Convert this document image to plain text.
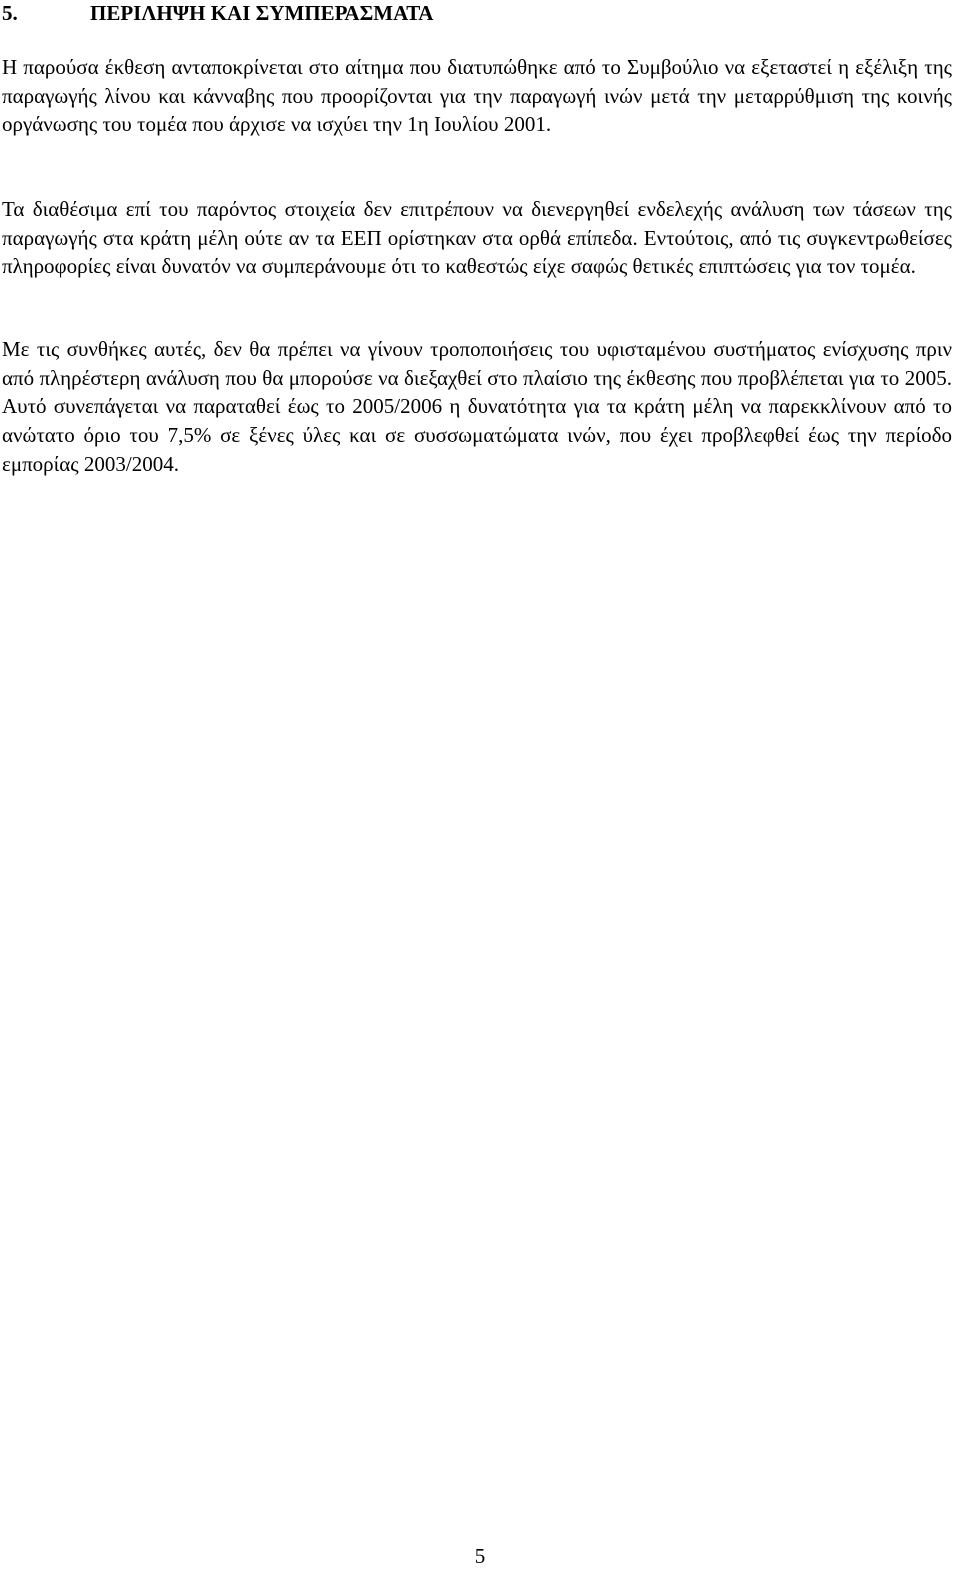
5.	ΠΕΡΙΛΗΨΗ ΚΑΙ ΣΥΜΠΕΡΑΣΜΑΤΑ

Η παρούσα έκθεση ανταποκρίνεται στο αίτημα που διατυπώθηκε από το Συμβούλιο να εξεταστεί η εξέλιξη της παραγωγής λίνου και κάνναβης που προορίζονται για την παραγωγή ινών μετά την μεταρρύθμιση της κοινής οργάνωσης του τομέα που άρχισε να ισχύει την 1η Ιουλίου 2001.

Τα διαθέσιμα επί του παρόντος στοιχεία δεν επιτρέπουν να διενεργηθεί ενδελεχής ανάλυση των τάσεων της παραγωγής στα κράτη μέλη ούτε αν τα ΕΕΠ ορίστηκαν στα ορθά επίπεδα. Εντούτοις, από τις συγκεντρωθείσες πληροφορίες είναι δυνατόν να συμπεράνουμε ότι το καθεστώς είχε σαφώς θετικές επιπτώσεις για τον τομέα.

Με τις συνθήκες αυτές, δεν θα πρέπει να γίνουν τροποποιήσεις του υφισταμένου συστήματος ενίσχυσης πριν από πληρέστερη ανάλυση που θα μπορούσε να διεξαχθεί στο πλαίσιο της έκθεσης που προβλέπεται για το 2005. Αυτό συνεπάγεται να παραταθεί έως το 2005/2006 η δυνατότητα για τα κράτη μέλη να παρεκκλίνουν από το ανώτατο όριο του 7,5% σε ξένες ύλες και σε συσσωματώματα ινών, που έχει προβλεφθεί έως την περίοδο εμπορίας 2003/2004.

5
